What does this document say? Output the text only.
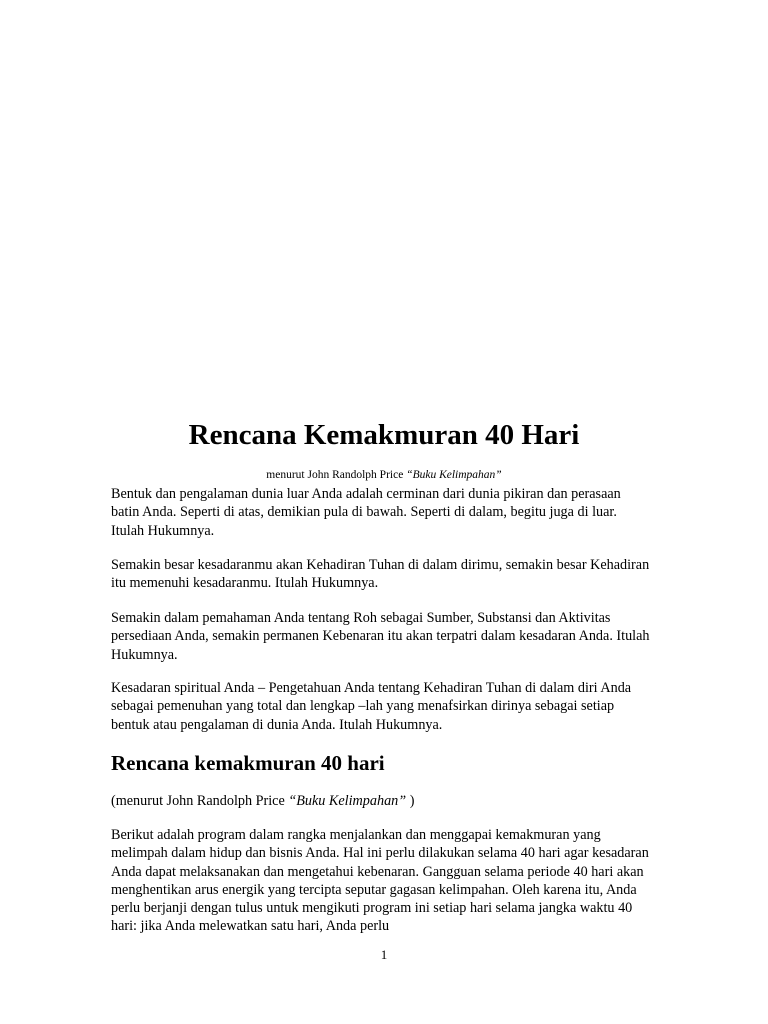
Rencana Kemakmuran 40 Hari

menurut John Randolph Price “Buku Kelimpahan”

Bentuk dan pengalaman dunia luar Anda adalah cerminan dari dunia pikiran dan perasaan batin Anda. Seperti di atas, demikian pula di bawah. Seperti di dalam, begitu juga di luar. Itulah Hukumnya.

Semakin besar kesadaranmu akan Kehadiran Tuhan di dalam dirimu, semakin besar Kehadiran itu memenuhi kesadaranmu. Itulah Hukumnya.

Semakin dalam pemahaman Anda tentang Roh sebagai Sumber, Substansi dan Aktivitas persediaan Anda, semakin permanen Kebenaran itu akan terpatri dalam kesadaran Anda. Itulah Hukumnya.

Kesadaran spiritual Anda – Pengetahuan Anda tentang Kehadiran Tuhan di dalam diri Anda sebagai pemenuhan yang total dan lengkap –lah yang menafsirkan dirinya sebagai setiap bentuk atau pengalaman di dunia Anda. Itulah Hukumnya.

Rencana kemakmuran 40 hari

(menurut John Randolph Price “Buku Kelimpahan” )

Berikut adalah program dalam rangka menjalankan dan menggapai kemakmuran yang melimpah dalam hidup dan bisnis Anda. Hal ini perlu dilakukan selama 40 hari agar kesadaran Anda dapat melaksanakan dan mengetahui kebenaran. Gangguan selama periode 40 hari akan menghentikan arus energik yang tercipta seputar gagasan kelimpahan. Oleh karena itu, Anda perlu berjanji dengan tulus untuk mengikuti program ini setiap hari selama jangka waktu 40 hari: jika Anda melewatkan satu hari, Anda perlu

1
